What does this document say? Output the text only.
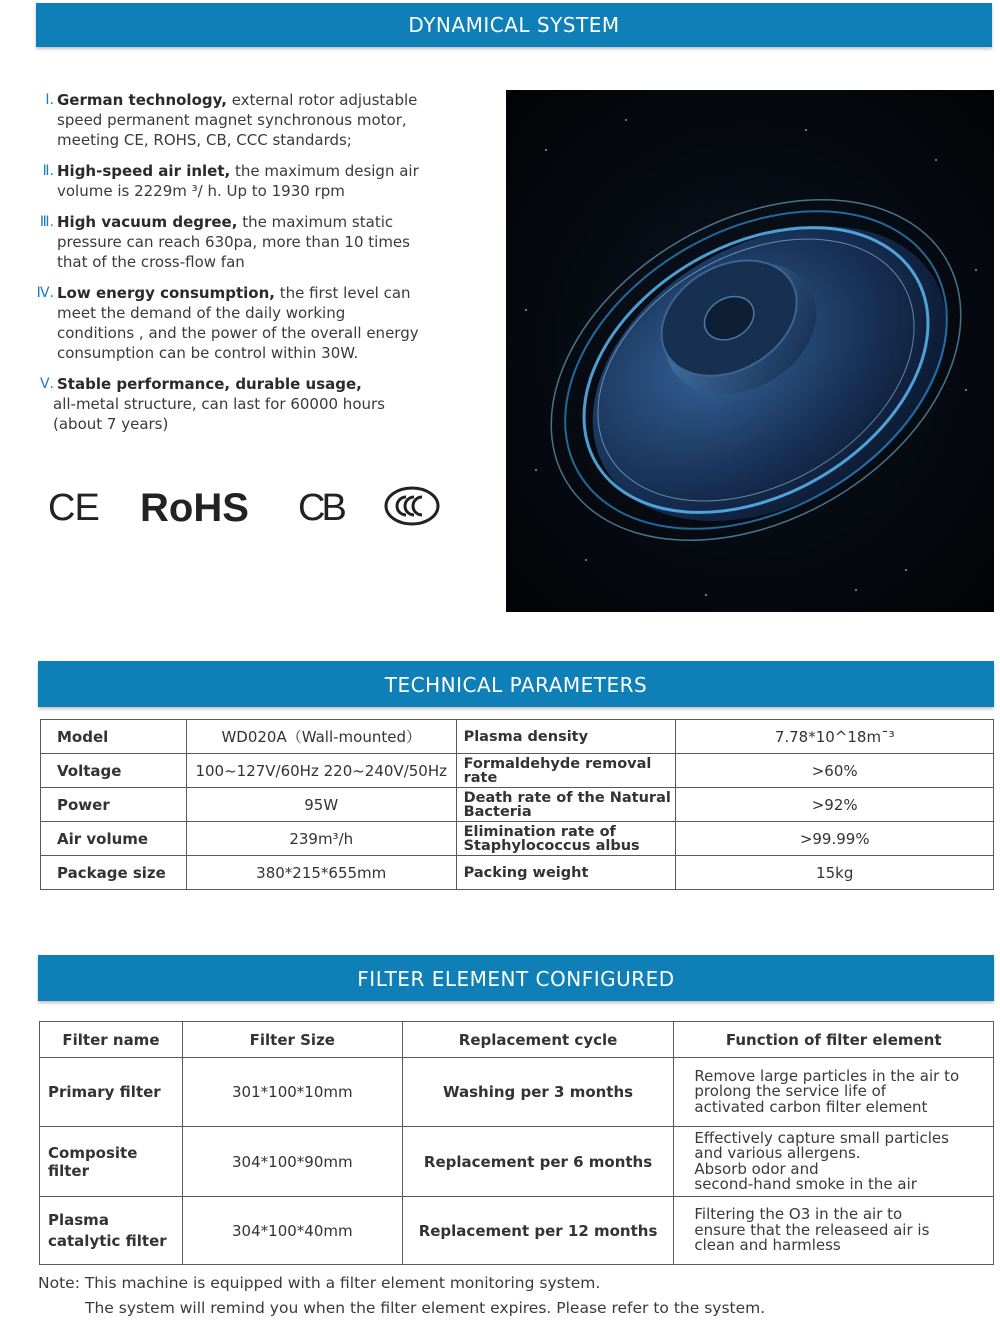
DYNAMICAL SYSTEM
Ⅰ. German technology, external rotor adjustable
speed permanent magnet synchronous motor,
meeting CE, ROHS, CB, CCC standards;
Ⅱ. High-speed air inlet, the maximum design air
volume is 2229m ³/ h. Up to 1930 rpm
Ⅲ. High vacuum degree, the maximum static
pressure can reach 630pa, more than 10 times
that of the cross-flow fan
Ⅳ. Low energy consumption, the first level can
meet the demand of the daily working
conditions , and the power of the overall energy
consumption can be control within 30W.
Ⅴ. Stable performance, durable usage,
all-metal structure, can last for 60000 hours
(about 7 years)
CE RoHS CB
TECHNICAL PARAMETERS
Model	WD020A（Wall-mounted）	Plasma density	7.78*10^18m¯³
Voltage	100~127V/60Hz 220~240V/50Hz	Formaldehyde removal rate	>60%
Power	95W	Death rate of the Natural Bacteria	>92%
Air volume	239m³/h	Elimination rate of Staphylococcus albus	>99.99%
Package size	380*215*655mm	Packing weight	15kg
FILTER ELEMENT CONFIGURED
Filter name	Filter Size	Replacement cycle	Function of filter element
Primary filter	301*100*10mm	Washing per 3 months	Remove large particles in the air to
prolong the service life of
activated carbon filter element
Composite filter	304*100*90mm	Replacement per 6 months	Effectively capture small particles
and various allergens.
Absorb odor and
second-hand smoke in the air
Plasma catalytic filter	304*100*40mm	Replacement per 12 months	Filtering the O3 in the air to
ensure that the releaseed air is
clean and harmless
Note: This machine is equipped with a filter element monitoring system.
The system will remind you when the filter element expires. Please refer to the system.
